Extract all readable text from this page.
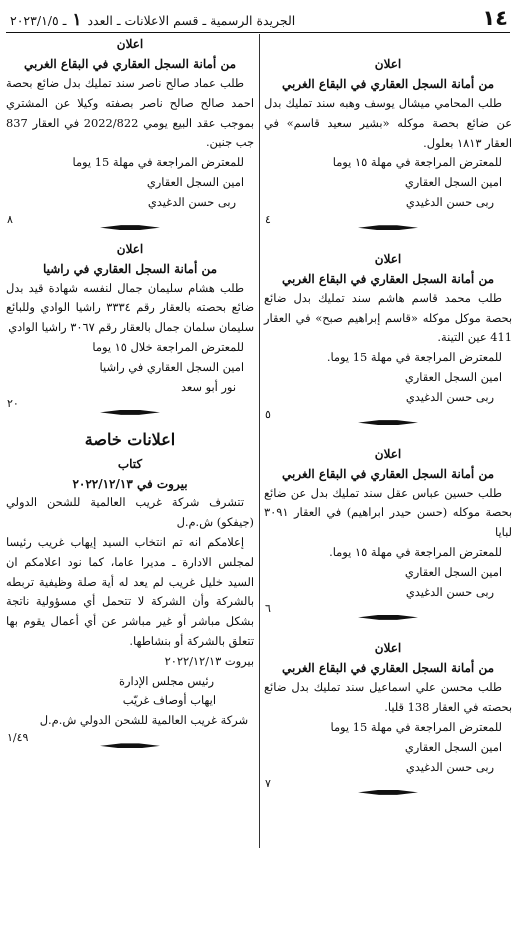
١٤
الجريدة الرسمية ـ قسم الاعلانات ـ العدد ١ ـ ٢٠٢٣/١/٥
اعلان
من أمانة السجل العقاري في البقاع الغربي
طلب المحامي ميشال يوسف وهبه سند تمليك بدل عن ضائع بحصة موكله «بشير سعيد قاسم» في العقار ١٨١٣ بعلول.
للمعترض المراجعة في مهلة ١٥ يوما
امين السجل العقاري
ربى حسن الدغيدي
٤
اعلان
من أمانة السجل العقاري في البقاع الغربي
طلب محمد قاسم هاشم سند تمليك بدل ضائع بحصة موكل موكله «قاسم إبراهيم صبح» في العقار 411 عين التينة.
للمعترض المراجعة في مهلة 15 يوما.
امين السجل العقاري
ربى حسن الدغيدي
٥
اعلان
من أمانة السجل العقاري في البقاع الغربي
طلب حسين عباس عقل سند تمليك بدل عن ضائع بحصة موكله (حسن حيدر ابراهيم) في العقار ٣٠٩١ لبايا
للمعترض المراجعة في مهلة ١٥ يوما.
امين السجل العقاري
ربى حسن الدغيدي
٦
اعلان
من أمانة السجل العقاري في البقاع الغربي
طلب محسن علي اسماعيل سند تمليك بدل ضائع بحصته في العقار 138 قليا.
للمعترض المراجعة في مهلة 15 يوما
امين السجل العقاري
ربى حسن الدغيدي
٧
اعلان
من أمانة السجل العقاري في البقاع الغربي
طلب عماد صالح ناصر سند تمليك بدل ضائع بحصة احمد صالح صالح ناصر بصفته وكيلا عن المشتري بموجب عقد البيع يومي 2022/822 في العقار 837 جب جنين.
للمعترض المراجعة في مهلة 15 يوما
امين السجل العقاري
ربى حسن الدغيدي
٨
اعلان
من أمانة السجل العقاري في راشيا
طلب هشام سليمان جمال لنفسه شهادة قيد بدل ضائع بحصته بالعقار رقم ٣٣٣٤ راشيا الوادي وللبائع سليمان سلمان جمال بالعقار رقم ٣٠٦٧ راشيا الوادي
للمعترض المراجعة خلال ١٥ يوما
امين السجل العقاري في راشيا
نور أبو سعد
٢٠
اعلانات خاصة
كتاب
بيروت في ٢٠٢٢/١٢/١٣
تتشرف شركة غريب العالمية للشحن الدولي (جيفكو) ش.م.ل
إعلامكم انه تم انتخاب السيد إيهاب غريب رئيسا لمجلس الادارة ـ مديرا عاما، كما نود اعلامكم ان السيد خليل غريب لم يعد له أية صلة وظيفية تربطه بالشركة وأن الشركة لا تتحمل أي مسؤولية ناتجة بشكل مباشر أو غير مباشر عن أي أعمال يقوم بها تتعلق بالشركة أو بنشاطها.
بيروت ٢٠٢٢/١٢/١٣
رئيس مجلس الإدارة
ايهاب أوصاف غريّب
شركة غريب العالمية للشحن الدولي ش.م.ل
١/٤٩
